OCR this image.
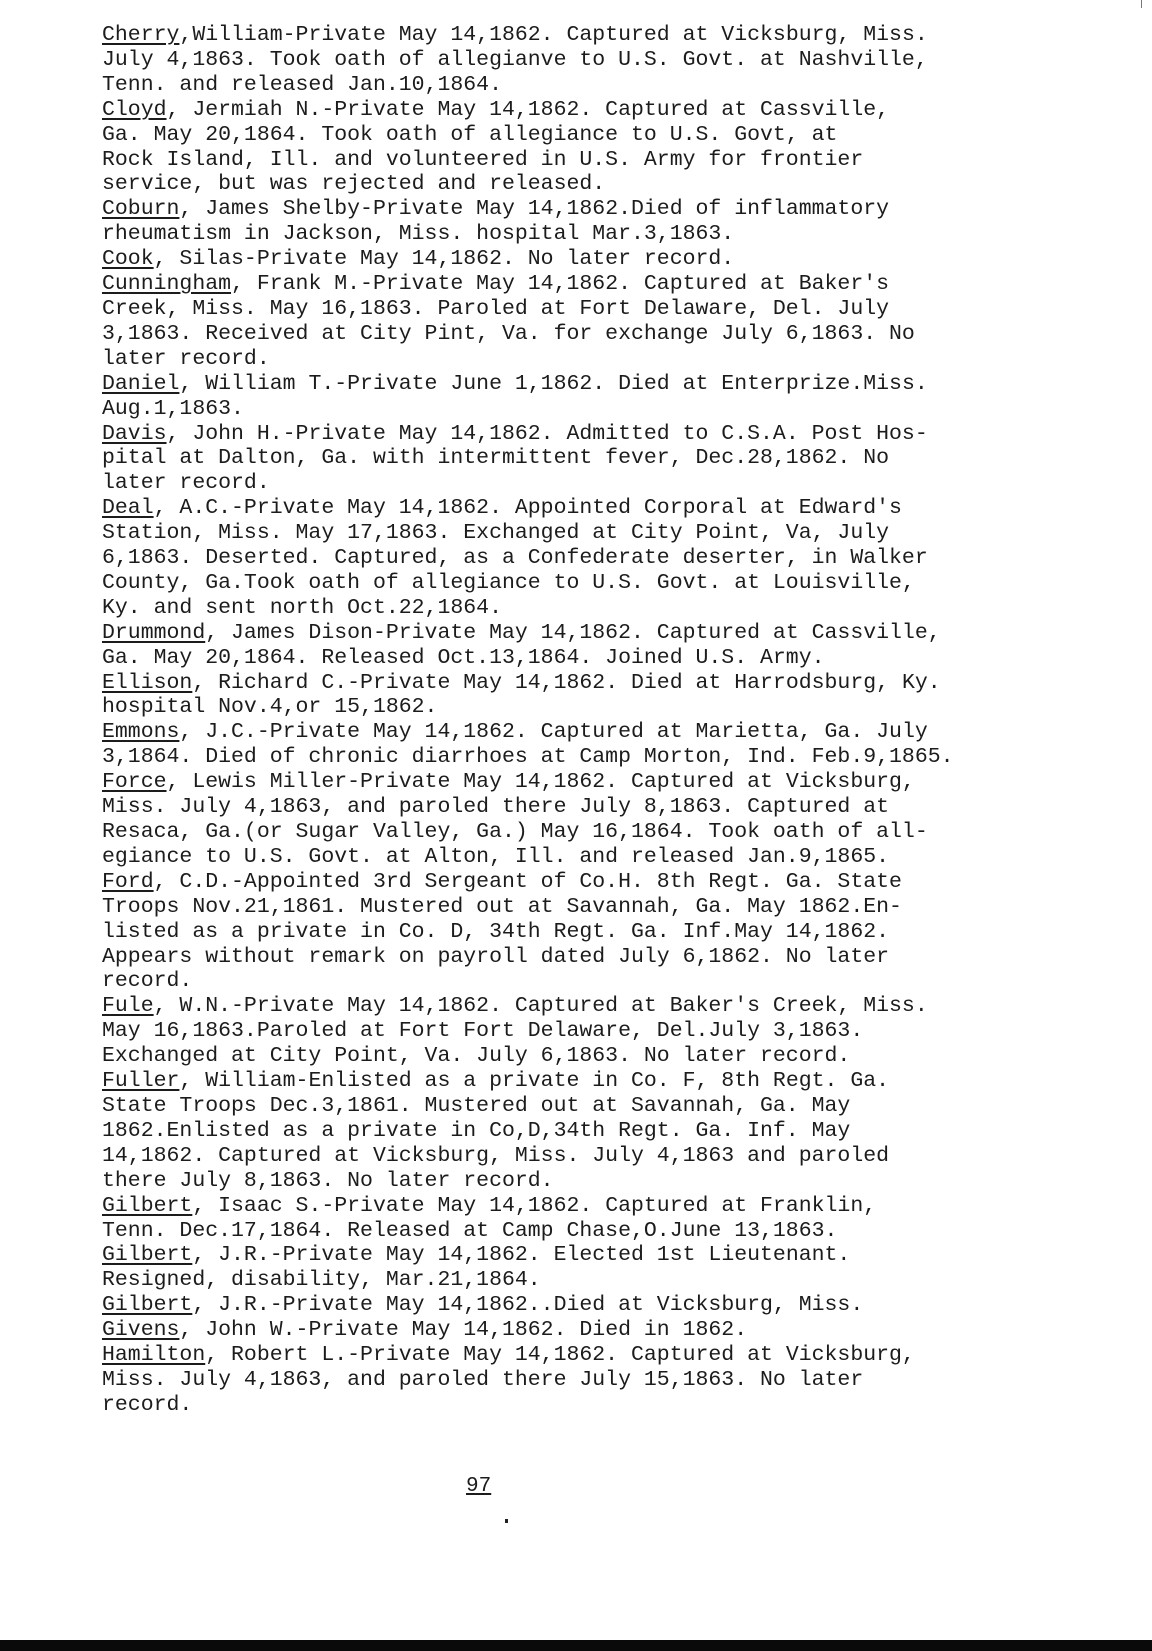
Cherry,William-Private May 14,1862. Captured at Vicksburg, Miss.
July 4,1863. Took oath of allegianve to U.S. Govt. at Nashville,
Tenn. and released Jan.10,1864.
Cloyd, Jermiah N.-Private May 14,1862. Captured at Cassville,
Ga. May 20,1864. Took oath of allegiance to U.S. Govt, at
Rock Island, Ill. and volunteered in U.S. Army for frontier
service, but was rejected and released.
Coburn, James Shelby-Private May 14,1862.Died of inflammatory
rheumatism in Jackson, Miss. hospital Mar.3,1863.
Cook, Silas-Private May 14,1862. No later record.
Cunningham, Frank M.-Private May 14,1862. Captured at Baker's
Creek, Miss. May 16,1863. Paroled at Fort Delaware, Del. July
3,1863. Received at City Pint, Va. for exchange July 6,1863. No
later record.
Daniel, William T.-Private June 1,1862. Died at Enterprize.Miss.
Aug.1,1863.
Davis, John H.-Private May 14,1862. Admitted to C.S.A. Post Hos-
pital at Dalton, Ga. with intermittent fever, Dec.28,1862. No
later record.
Deal, A.C.-Private May 14,1862. Appointed Corporal at Edward's
Station, Miss. May 17,1863. Exchanged at City Point, Va, July
6,1863. Deserted. Captured, as a Confederate deserter, in Walker
County, Ga.Took oath of allegiance to U.S. Govt. at Louisville,
Ky. and sent north Oct.22,1864.
Drummond, James Dison-Private May 14,1862. Captured at Cassville,
Ga. May 20,1864. Released Oct.13,1864. Joined U.S. Army.
Ellison, Richard C.-Private May 14,1862. Died at Harrodsburg, Ky.
hospital Nov.4,or 15,1862.
Emmons, J.C.-Private May 14,1862. Captured at Marietta, Ga. July
3,1864. Died of chronic diarrhoes at Camp Morton, Ind. Feb.9,1865.
Force, Lewis Miller-Private May 14,1862. Captured at Vicksburg,
Miss. July 4,1863, and paroled there July 8,1863. Captured at
Resaca, Ga.(or Sugar Valley, Ga.) May 16,1864. Took oath of all-
egiance to U.S. Govt. at Alton, Ill. and released Jan.9,1865.
Ford, C.D.-Appointed 3rd Sergeant of Co.H. 8th Regt. Ga. State
Troops Nov.21,1861. Mustered out at Savannah, Ga. May 1862.En-
listed as a private in Co. D, 34th Regt. Ga. Inf.May 14,1862.
Appears without remark on payroll dated July 6,1862. No later
record.
Fule, W.N.-Private May 14,1862. Captured at Baker's Creek, Miss.
May 16,1863.Paroled at Fort Fort Delaware, Del.July 3,1863.
Exchanged at City Point, Va. July 6,1863. No later record.
Fuller, William-Enlisted as a private in Co. F, 8th Regt. Ga.
State Troops Dec.3,1861. Mustered out at Savannah, Ga. May
1862.Enlisted as a private in Co,D,34th Regt. Ga. Inf. May
14,1862. Captured at Vicksburg, Miss. July 4,1863 and paroled
there July 8,1863. No later record.
Gilbert, Isaac S.-Private May 14,1862. Captured at Franklin,
Tenn. Dec.17,1864. Released at Camp Chase,O.June 13,1863.
Gilbert, J.R.-Private May 14,1862. Elected 1st Lieutenant.
Resigned, disability, Mar.21,1864.
Gilbert, J.R.-Private May 14,1862..Died at Vicksburg, Miss.
Givens, John W.-Private May 14,1862. Died in 1862.
Hamilton, Robert L.-Private May 14,1862. Captured at Vicksburg,
Miss. July 4,1863, and paroled there July 15,1863. No later
record.
97
